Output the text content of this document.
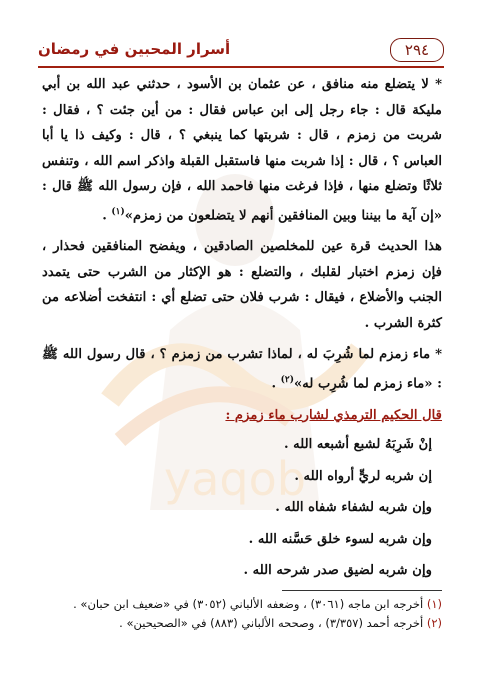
yaqob
٢٩٤
أسرار المحبين في رمضان

* لا يتضلع منه منافق ، عن عثمان بن الأسود ، حدثني عبد الله بن أبي مليكة قال : جاء رجل إلى ابن عباس فقال : من أين جئت ؟ ، فقال : شربت من زمزم ، قال : شربتها كما ينبغي ؟ ، قال : وكيف ذا يا أبا العباس ؟ ، قال : إذا شربت منها فاستقبل القبلة واذكر اسم الله ، وتنفس ثلاثًا وتضلع منها ، فإذا فرغت منها فاحمد الله ، فإن رسول الله ﷺ قال : «إن آية ما بيننا وبين المنافقين أنهم لا يتضلعون من زمزم»$^{(١)}$ .

هذا الحديث قرة عين للمخلصين الصادقين ، ويفضح المنافقين فحذار ، فإن زمزم اختبار لقلبك ، والتضلع : هو الإكثار من الشرب حتى يتمدد الجنب والأضلاع ، فيقال : شرب فلان حتى تضلع أي : انتفخت أضلاعه من كثرة الشرب .

* ماء زمزم لما شُرِبَ له ، لماذا تشرب من زمزم ؟ ، قال رسول الله ﷺ : «ماء زمزم لما شُرِب له»$^{(٢)}$ .

قال الحكيم الترمذي لشارب ماء زمزم :

إنْ شَرِبَهُ لشبع أشبعه الله .

إن شربه لريٍّ أرواه الله .

وإن شربه لشفاء شفاه الله .

وإن شربه لسوء خلق حَسَّنه الله .

وإن شربه لضيق صدر شرحه الله .

(١) أخرجه ابن ماجه (٣٠٦١) ، وضعفه الألباني (٣٠٥٢) في «ضعيف ابن حبان» .
(٢) أخرجه أحمد (٣/٣٥٧) ، وصححه الألباني (٨٨٣) في «الصحيحين» .
